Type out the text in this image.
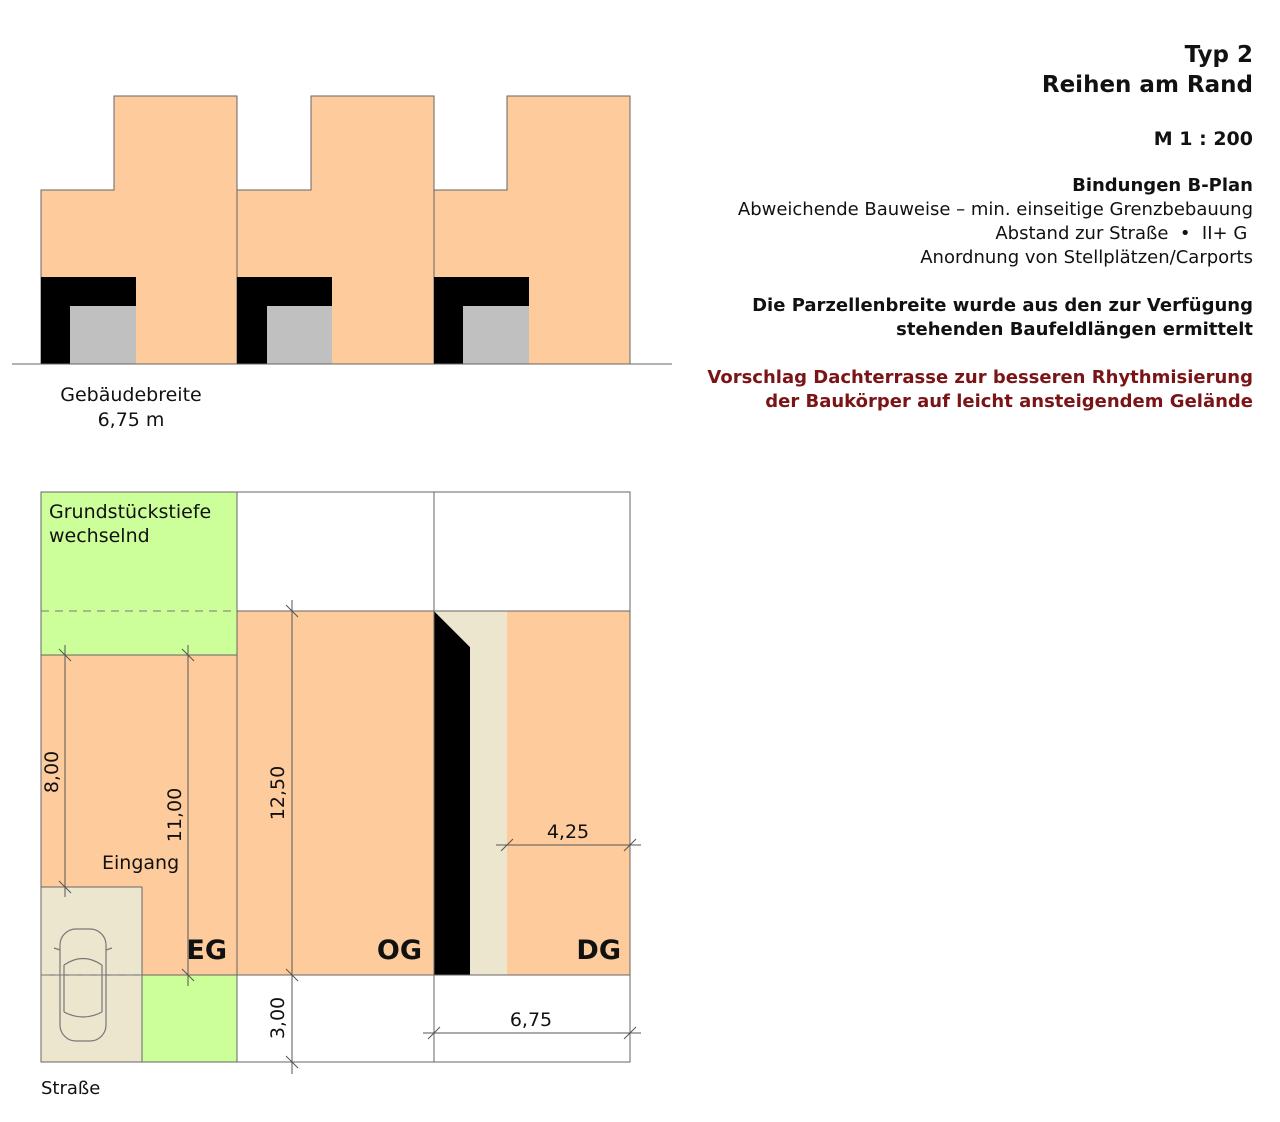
Gebäudebreite
6,75 m
8,00
11,00	12,50
3,00
4,25
6,75
Grundstückstiefe
wechselnd
Eingang
Straße
EG	OG	DG
Typ 2
Reihen am Rand
M 1 : 200
Bindungen B-Plan
Abweichende Bauweise – min. einseitige Grenzbebauung
Abstand zur Straße  •  II+ G
Anordnung von Stellplätzen/Carports
Die Parzellenbreite wurde aus den zur Verfügung
stehenden Baufeldlängen ermittelt
Vorschlag Dachterrasse zur besseren Rhythmisierung
der Baukörper auf leicht ansteigendem Gelände
